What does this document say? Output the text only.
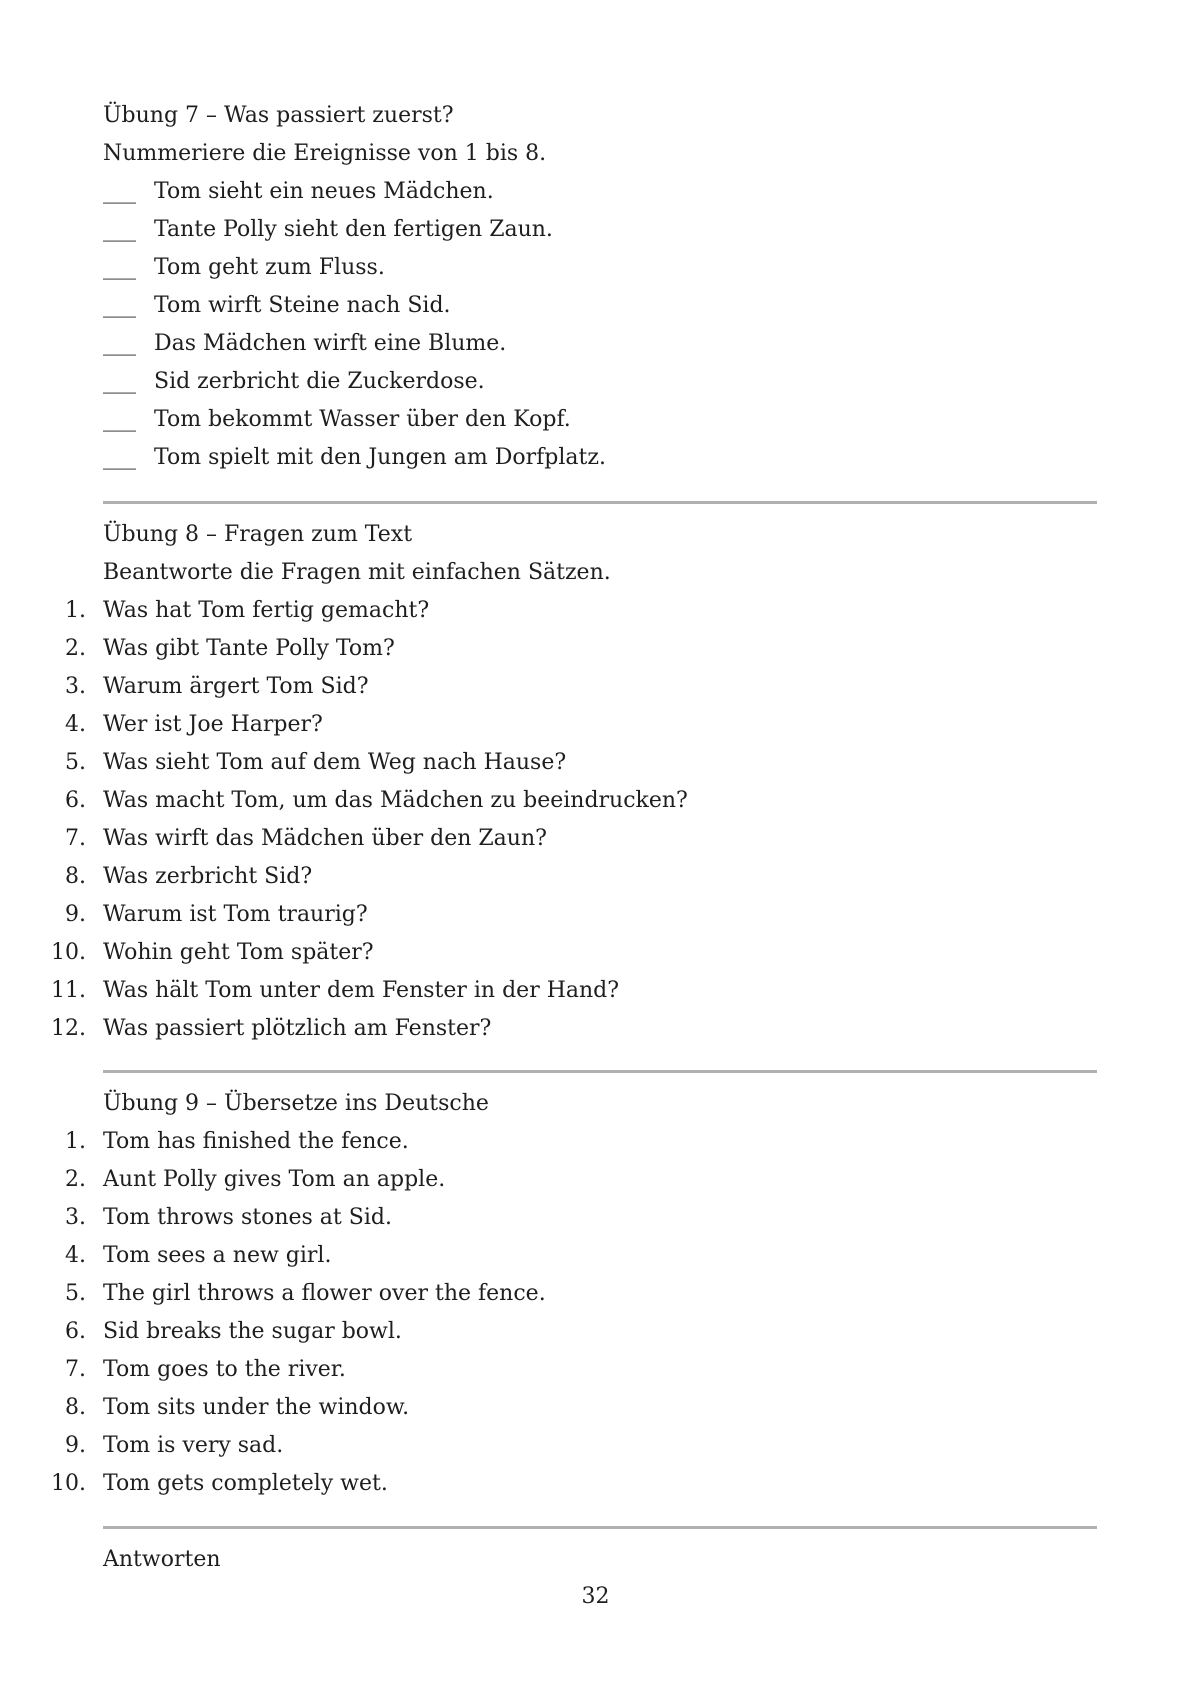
Übung 7 – Was passiert zuerst?
Nummeriere die Ereignisse von 1 bis 8.
___ Tom sieht ein neues Mädchen.
___ Tante Polly sieht den fertigen Zaun.
___ Tom geht zum Fluss.
___ Tom wirft Steine nach Sid.
___ Das Mädchen wirft eine Blume.
___ Sid zerbricht die Zuckerdose.
___ Tom bekommt Wasser über den Kopf.
___ Tom spielt mit den Jungen am Dorfplatz.
Übung 8 – Fragen zum Text
Beantworte die Fragen mit einfachen Sätzen.
1. Was hat Tom fertig gemacht?
2. Was gibt Tante Polly Tom?
3. Warum ärgert Tom Sid?
4. Wer ist Joe Harper?
5. Was sieht Tom auf dem Weg nach Hause?
6. Was macht Tom, um das Mädchen zu beeindrucken?
7. Was wirft das Mädchen über den Zaun?
8. Was zerbricht Sid?
9. Warum ist Tom traurig?
10. Wohin geht Tom später?
11. Was hält Tom unter dem Fenster in der Hand?
12. Was passiert plötzlich am Fenster?
Übung 9 – Übersetze ins Deutsche
1. Tom has finished the fence.
2. Aunt Polly gives Tom an apple.
3. Tom throws stones at Sid.
4. Tom sees a new girl.
5. The girl throws a flower over the fence.
6. Sid breaks the sugar bowl.
7. Tom goes to the river.
8. Tom sits under the window.
9. Tom is very sad.
10. Tom gets completely wet.
Antworten
32
